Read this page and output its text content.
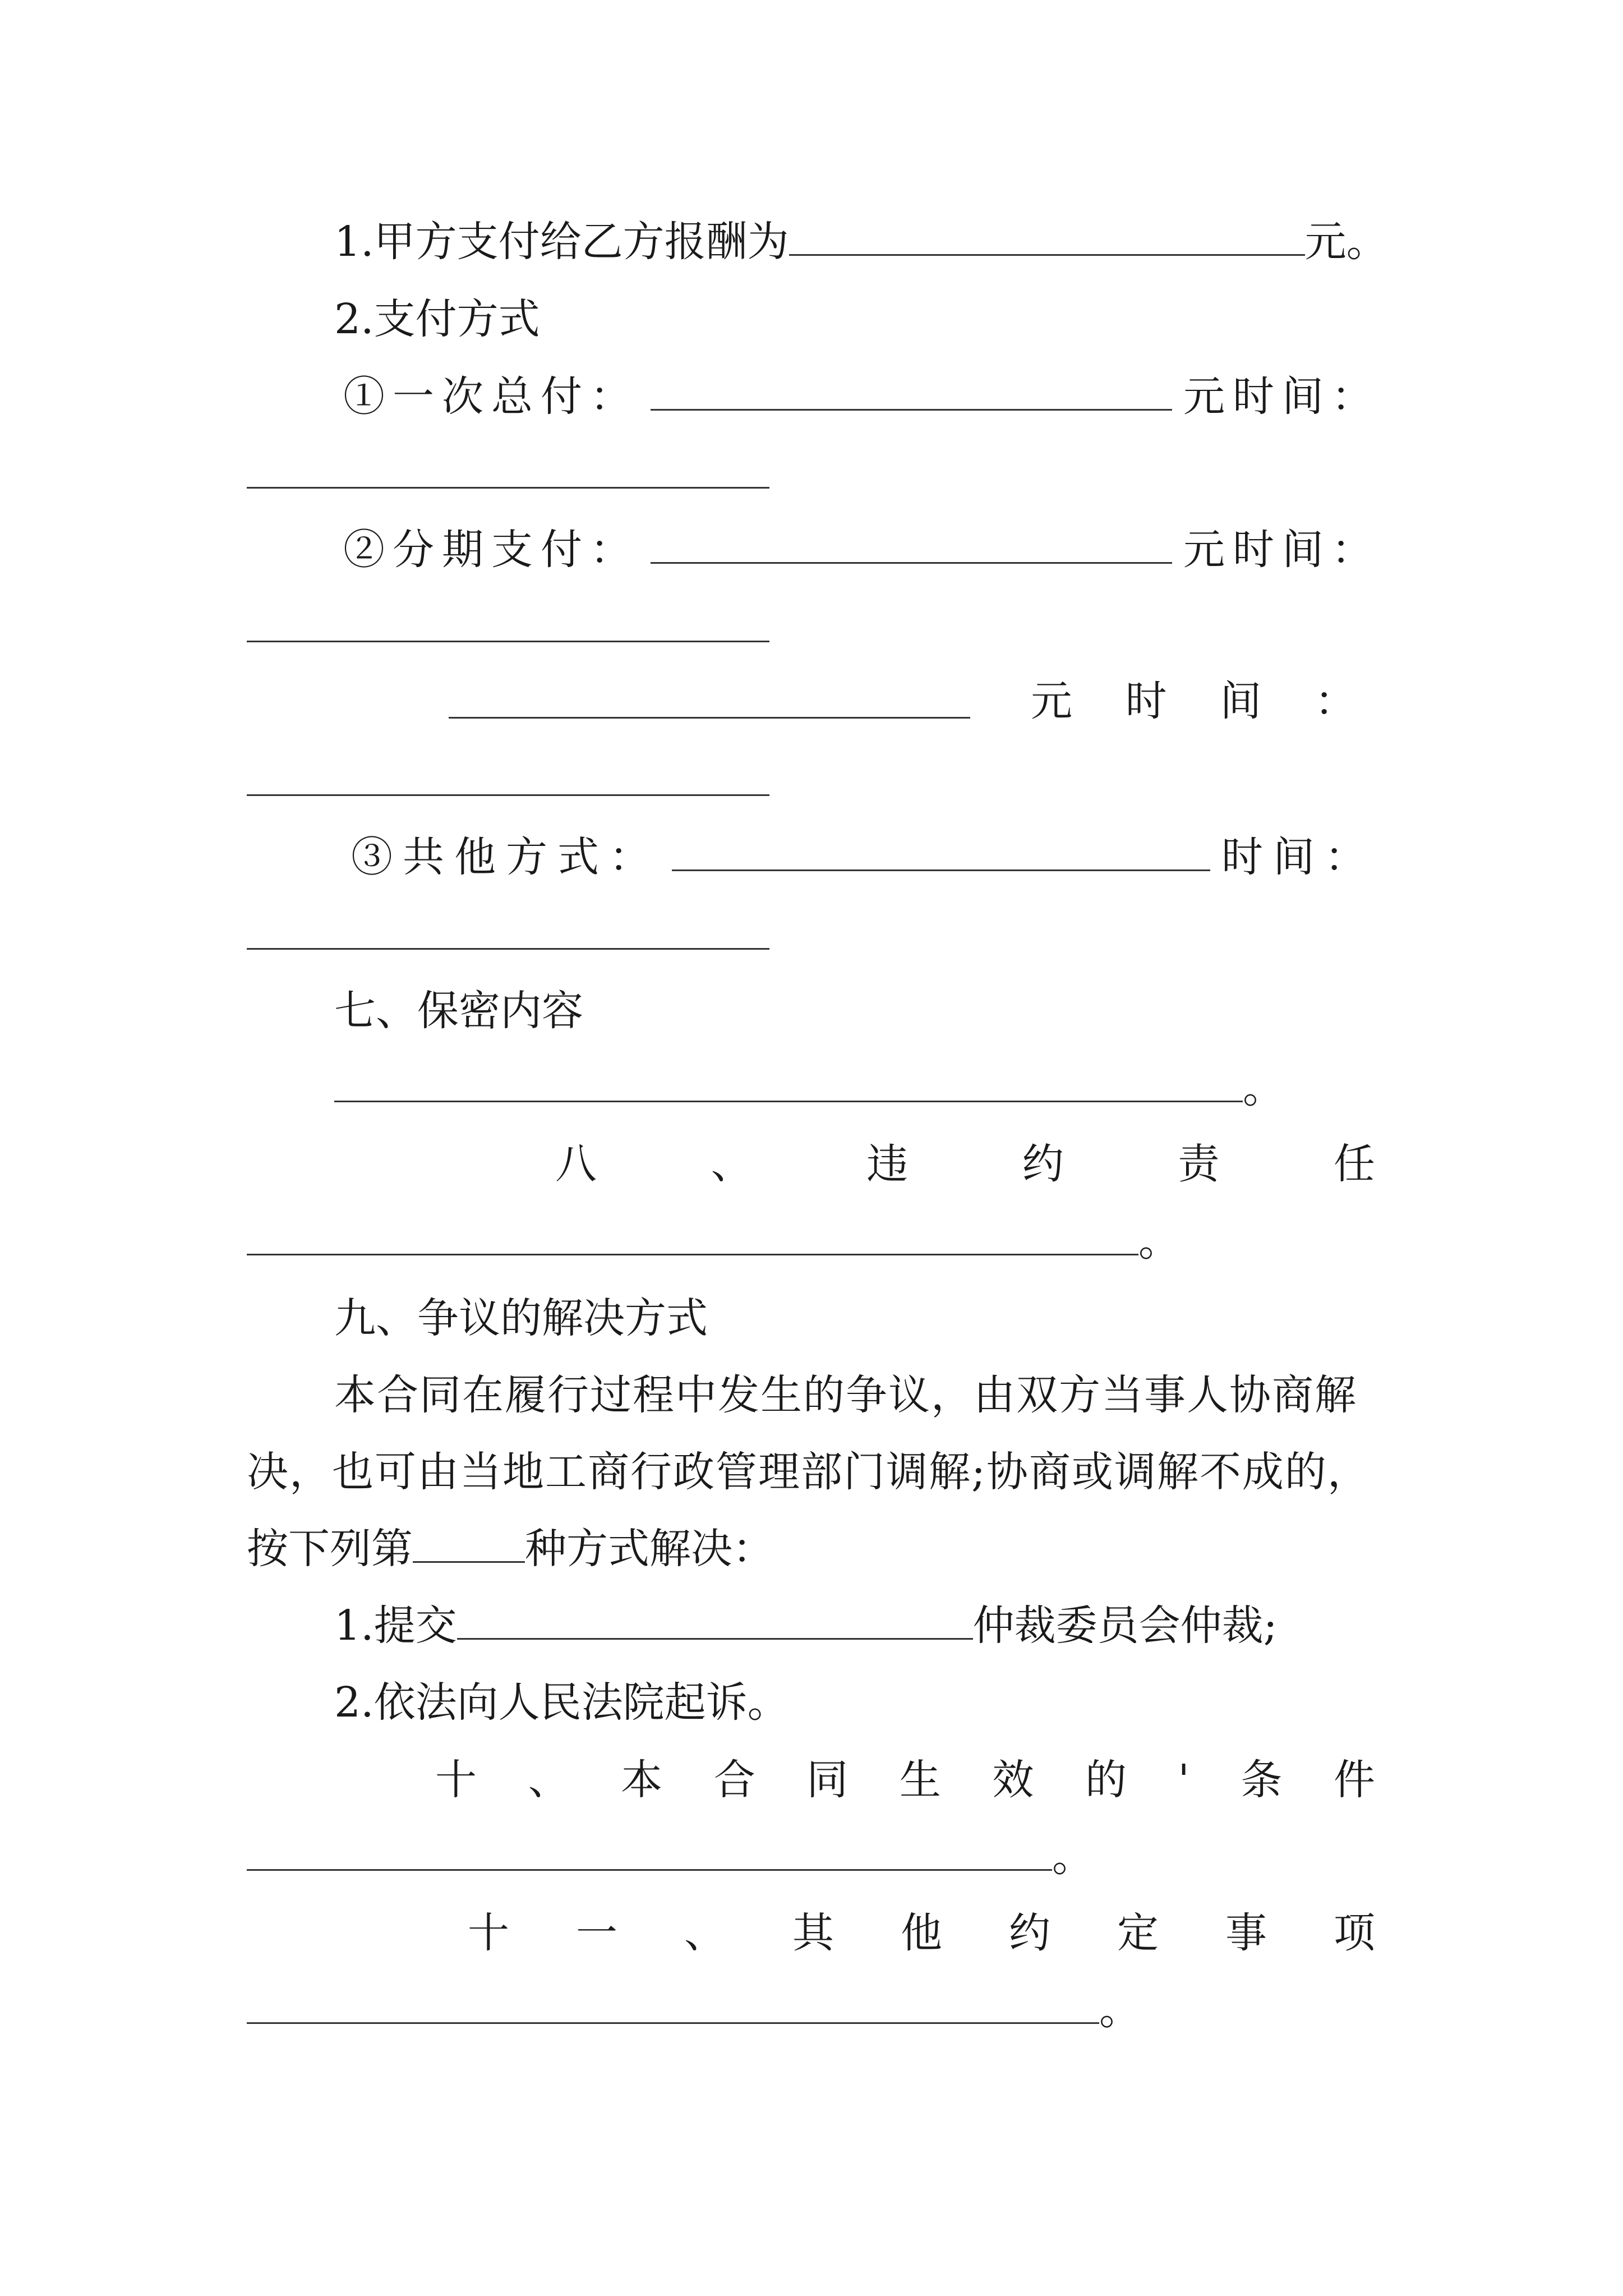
1.甲方支付给乙方报酬为	元。
2.支付方式
①一次总付：	元时间：
②分期支付：	元时间：
元 时 间 ：
③共他方式：	时间：
七、保密内容
。
八	、	违	约	责	任
。
九、争议的解决方式
本合同在履行过程中发生的争议，由双方当事人协商解
决，也可由当地工商行政管理部门调解;协商或调解不成的，
按下列第	种方式解决：
1.提交	仲裁委员会仲裁;
2.依法向人民法院起诉。
十 、 本 合 同 生 效 的 ' 条 件
。
十 一 、 其 他 约 定 事 项
。
